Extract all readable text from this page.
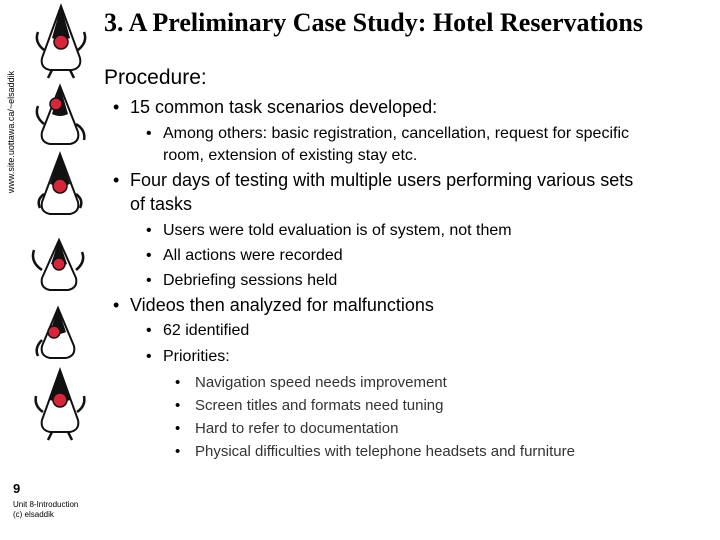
www.site.uottawa.ca/~elsaddik
3. A Preliminary Case Study: Hotel Reservations
Procedure:
• 15 common task scenarios developed:
• Among others: basic registration, cancellation, request for specific
room, extension of existing stay etc.
• Four days of testing with multiple users performing various sets
of tasks
• Users were told evaluation is of system, not them
• All actions were recorded
• Debriefing sessions held
• Videos then analyzed for malfunctions
• 62 identified
• Priorities:
• Navigation speed needs improvement
• Screen titles and formats need tuning
• Hard to refer to documentation
• Physical difficulties with telephone headsets and furniture
9
Unit 8-Introduction
(c) elsaddik
